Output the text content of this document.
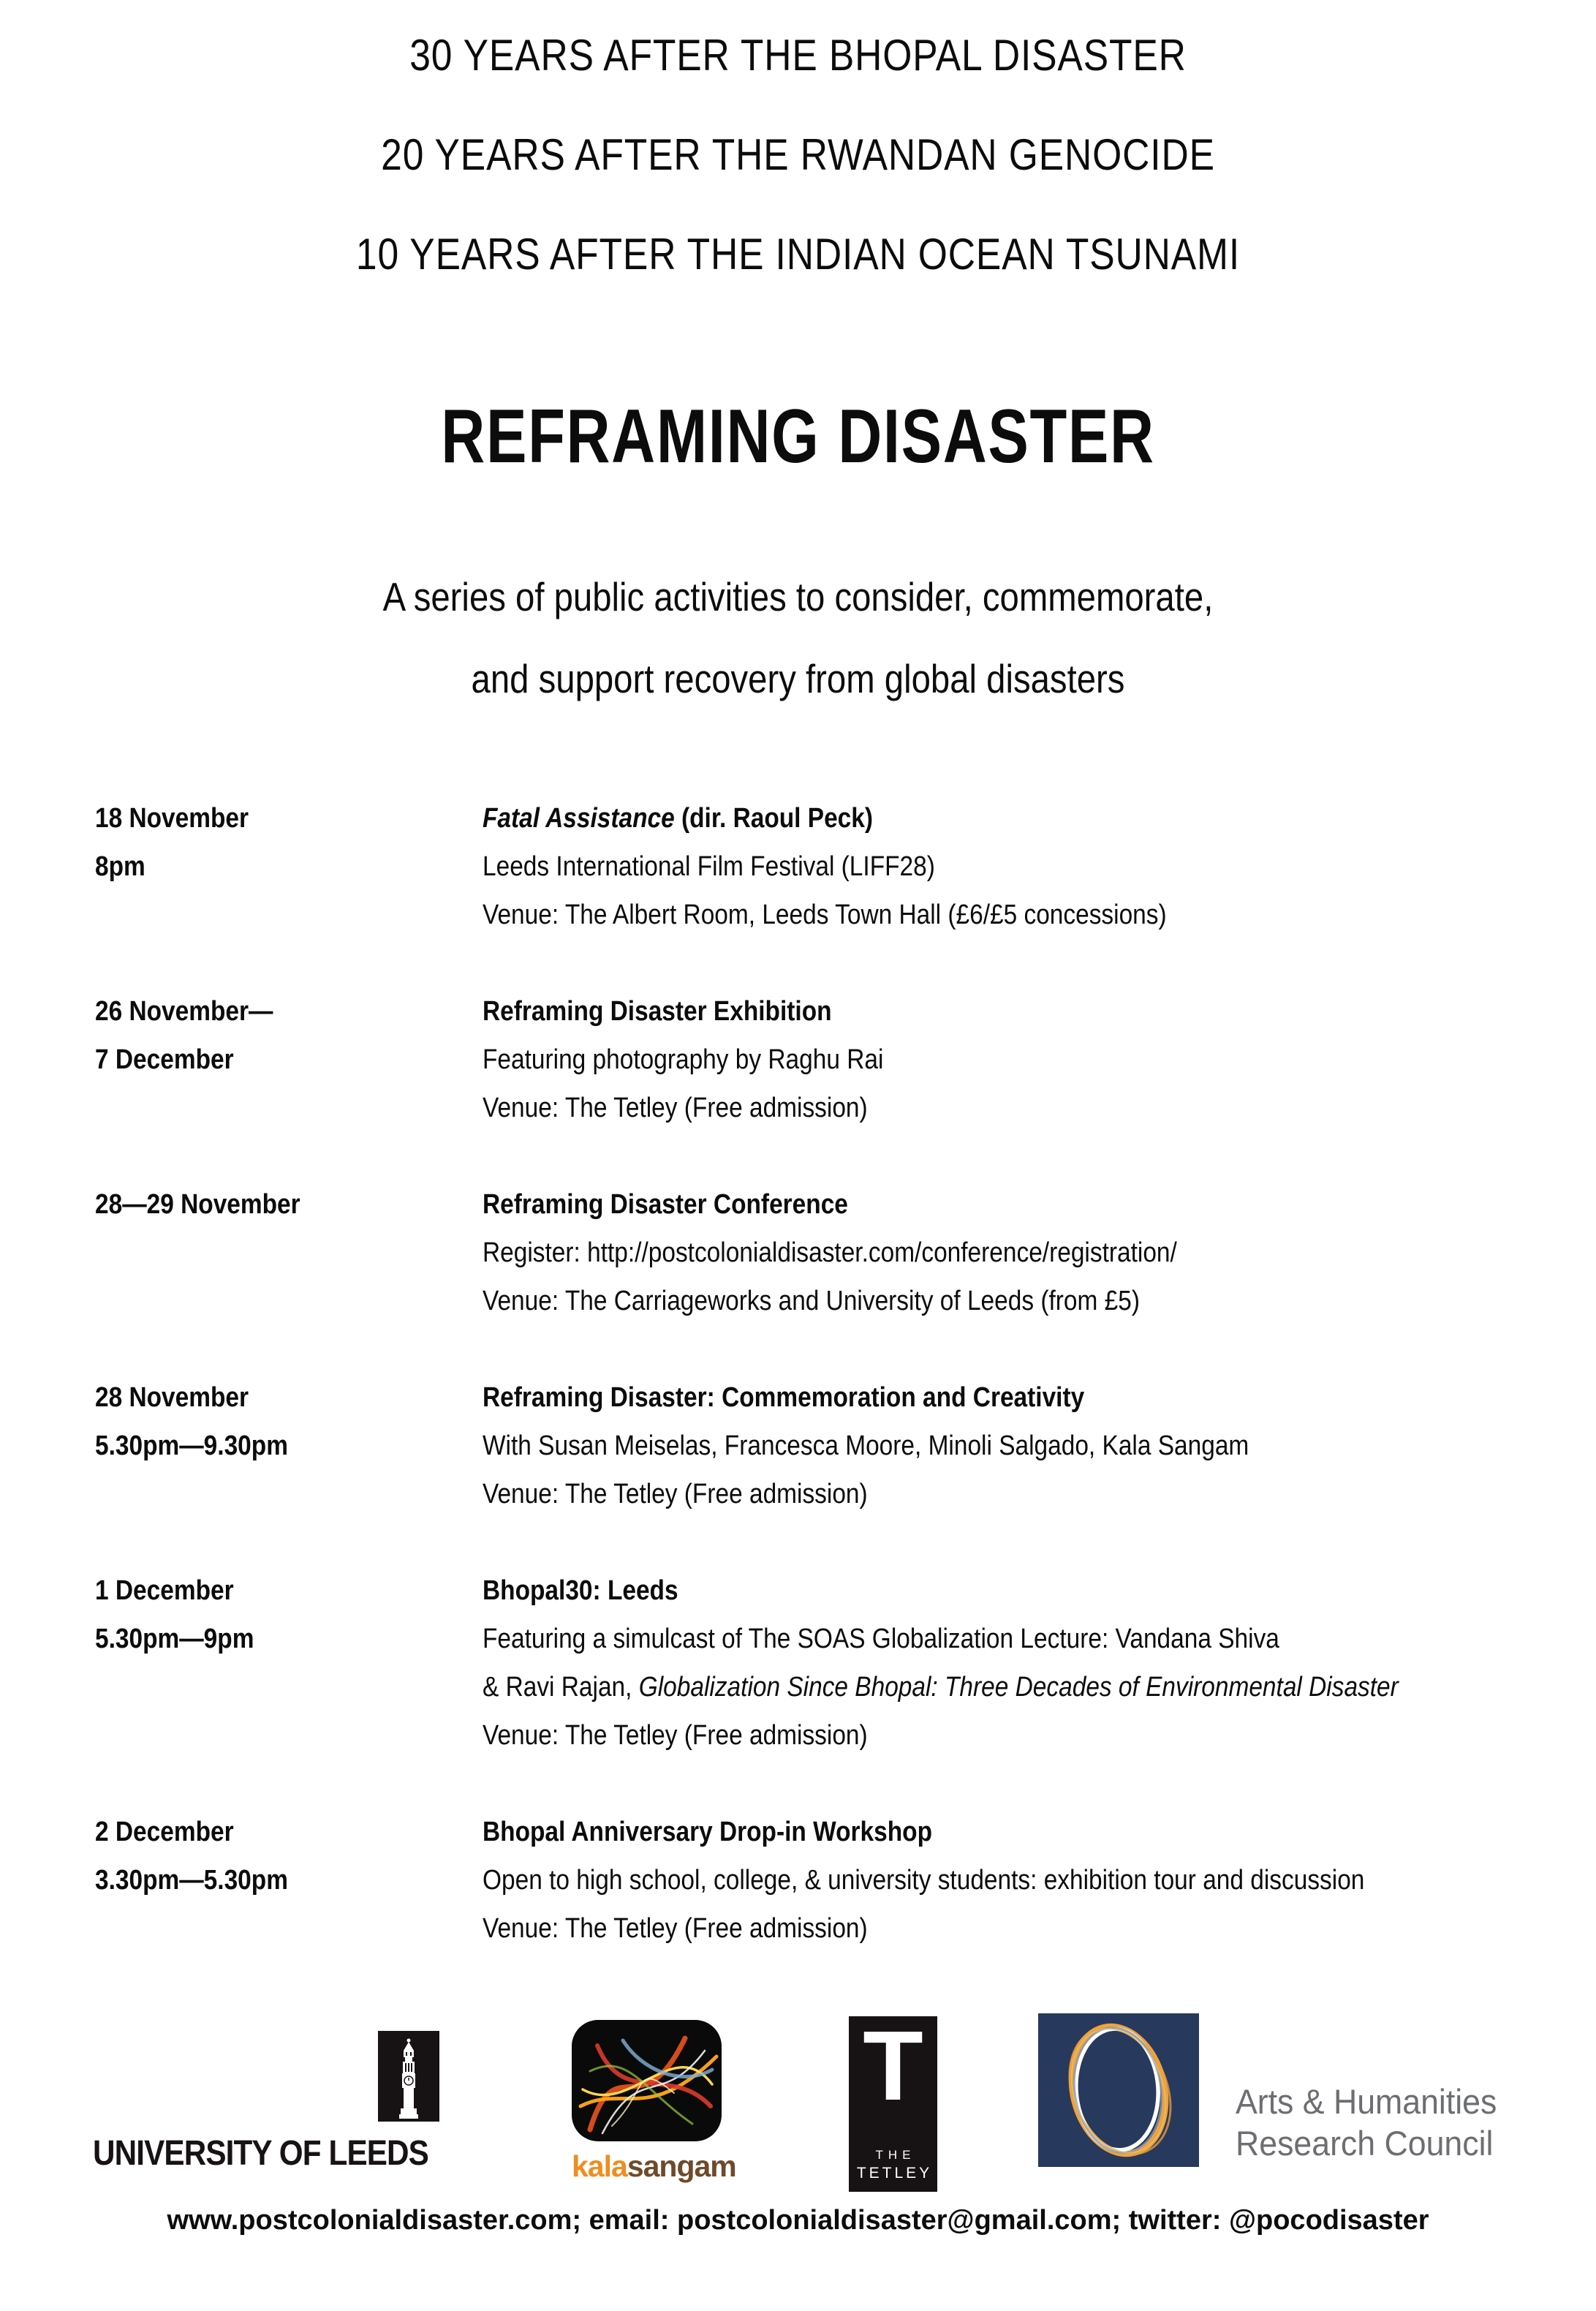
30 YEARS AFTER THE BHOPAL DISASTER
20 YEARS AFTER THE RWANDAN GENOCIDE
10 YEARS AFTER THE INDIAN OCEAN TSUNAMI
REFRAMING DISASTER
A series of public activities to consider, commemorate,
and support recovery from global disasters
18 November
8pm
Fatal Assistance (dir. Raoul Peck)
Leeds International Film Festival (LIFF28)
Venue: The Albert Room, Leeds Town Hall (£6/£5 concessions)
26 November—
7 December
Reframing Disaster Exhibition
Featuring photography by Raghu Rai
Venue: The Tetley (Free admission)
28—29 November	Reframing Disaster Conference
Register: http://postcolonialdisaster.com/conference/registration/
Venue: The Carriageworks and University of Leeds (from £5)
28 November
5.30pm—9.30pm
Reframing Disaster: Commemoration and Creativity
With Susan Meiselas, Francesca Moore, Minoli Salgado, Kala Sangam
Venue: The Tetley (Free admission)
1 December
5.30pm—9pm
Bhopal30: Leeds
Featuring a simulcast of The SOAS Globalization Lecture: Vandana Shiva
& Ravi Rajan, Globalization Since Bhopal: Three Decades of Environmental Disaster
Venue: The Tetley (Free admission)
2 December
3.30pm—5.30pm
Bhopal Anniversary Drop-in Workshop
Open to high school, college, & university students: exhibition tour and discussion
Venue: The Tetley (Free admission)
UNIVERSITY OF LEEDS	kalasangam
T
THE
TETLEY
Arts & Humanities
Research Council
www.postcolonialdisaster.com; email: postcolonialdisaster@gmail.com; twitter: @pocodisaster
